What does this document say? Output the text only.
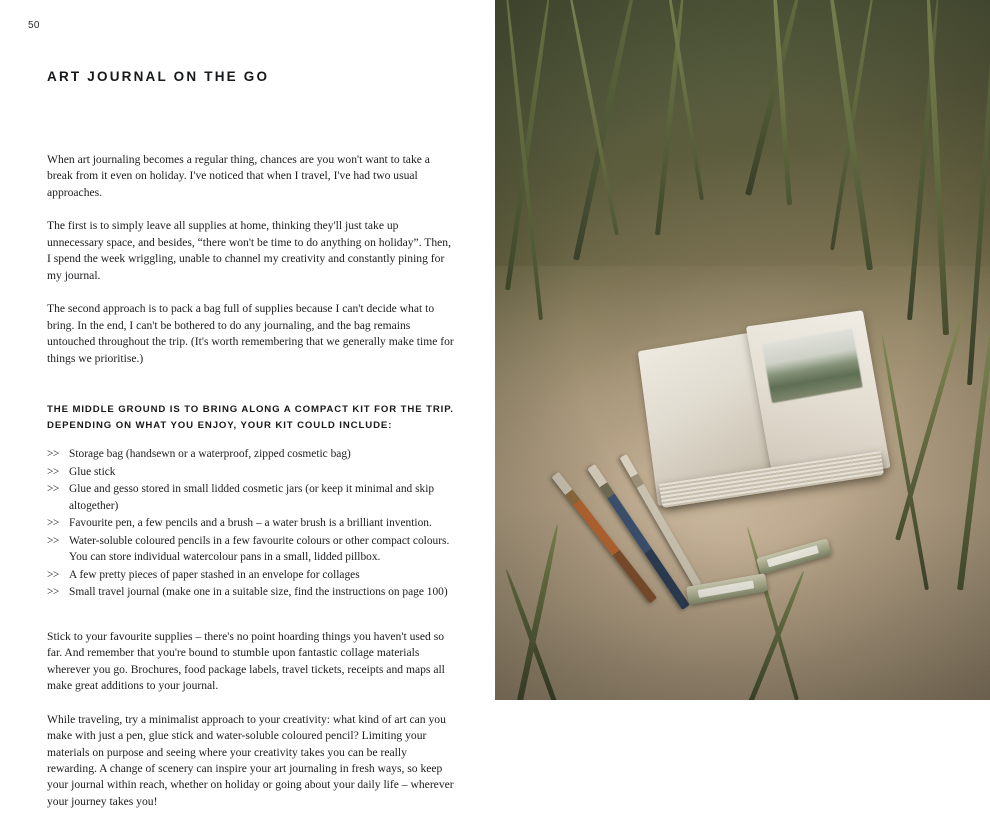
50
ART JOURNAL ON THE GO

When art journaling becomes a regular thing, chances are you won't want to take a break from it even on holiday. I've noticed that when I travel, I've had two usual approaches.

The first is to simply leave all supplies at home, thinking they'll just take up unnecessary space, and besides, “there won't be time to do anything on holiday”. Then, I spend the week wriggling, unable to channel my creativity and constantly pining for my journal.

The second approach is to pack a bag full of supplies because I can't decide what to bring. In the end, I can't be bothered to do any journaling, and the bag remains untouched throughout the trip. (It's worth remembering that we generally make time for things we prioritise.)

THE MIDDLE GROUND IS TO BRING ALONG A COMPACT KIT FOR THE TRIP. DEPENDING ON WHAT YOU ENJOY, YOUR KIT COULD INCLUDE:

>> Storage bag (handsewn or a waterproof, zipped cosmetic bag)
>> Glue stick
>> Glue and gesso stored in small lidded cosmetic jars (or keep it minimal and skip altogether)
>> Favourite pen, a few pencils and a brush – a water brush is a brilliant invention.
>> Water-soluble coloured pencils in a few favourite colours or other compact colours. You can store individual watercolour pans in a small, lidded pillbox.
>> A few pretty pieces of paper stashed in an envelope for collages
>> Small travel journal (make one in a suitable size, find the instructions on page 100)

Stick to your favourite supplies – there's no point hoarding things you haven't used so far. And remember that you're bound to stumble upon fantastic collage materials wherever you go. Brochures, food package labels, travel tickets, receipts and maps all make great additions to your journal.

While traveling, try a minimalist approach to your creativity: what kind of art can you make with just a pen, glue stick and water-soluble coloured pencil? Limiting your materials on purpose and seeing where your creativity takes you can be really rewarding. A change of scenery can inspire your art journaling in fresh ways, so keep your journal within reach, whether on holiday or going about your daily life – wherever your journey takes you!
